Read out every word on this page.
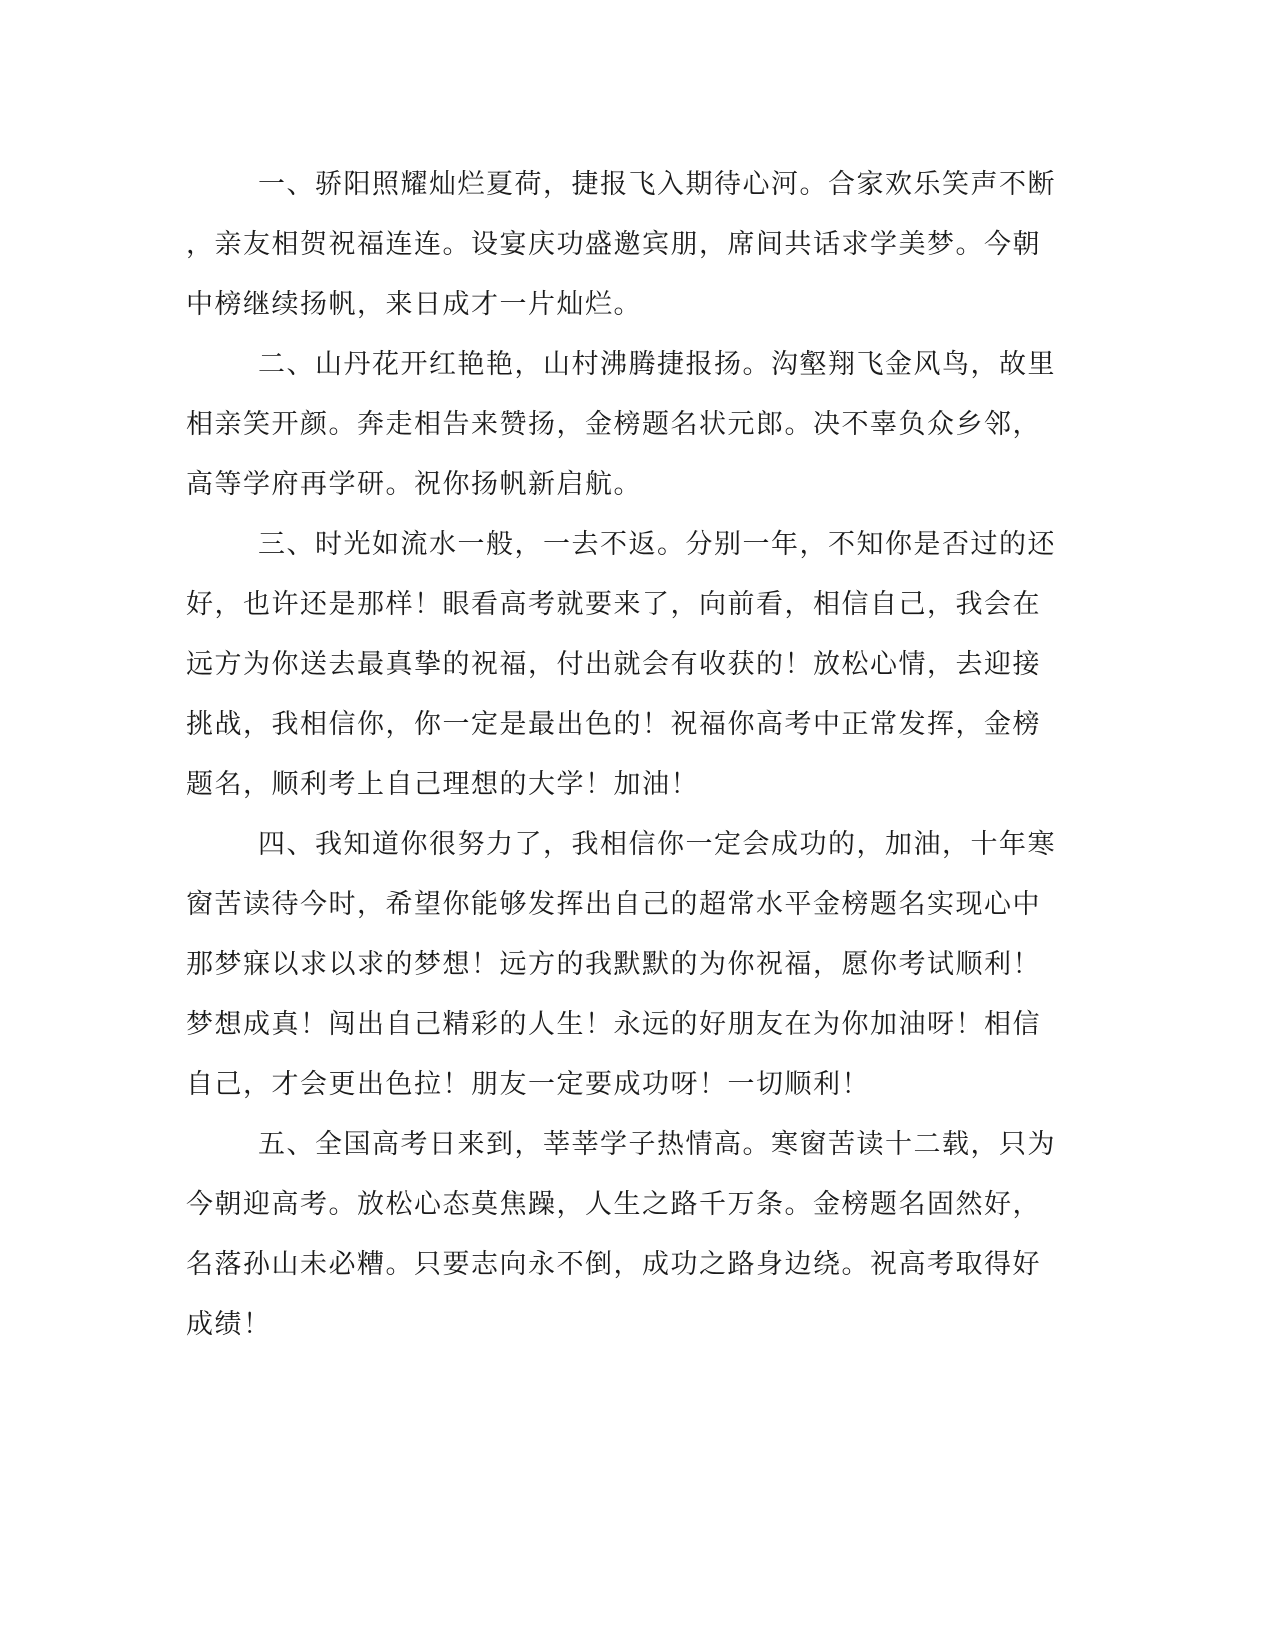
一、骄阳照耀灿烂夏荷，捷报飞入期待心河。合家欢乐笑声不断
，亲友相贺祝福连连。设宴庆功盛邀宾朋，席间共话求学美梦。今朝
中榜继续扬帆，来日成才一片灿烂。

二、山丹花开红艳艳，山村沸腾捷报扬。沟壑翔飞金风鸟，故里
相亲笑开颜。奔走相告来赞扬，金榜题名状元郎。决不辜负众乡邻，
高等学府再学研。祝你扬帆新启航。

三、时光如流水一般，一去不返。分别一年，不知你是否过的还
好，也许还是那样！眼看高考就要来了，向前看，相信自己，我会在
远方为你送去最真挚的祝福，付出就会有收获的！放松心情，去迎接
挑战，我相信你，你一定是最出色的！祝福你高考中正常发挥，金榜
题名，顺利考上自己理想的大学！加油！

四、我知道你很努力了，我相信你一定会成功的，加油，十年寒
窗苦读待今时，希望你能够发挥出自己的超常水平金榜题名实现心中
那梦寐以求以求的梦想！远方的我默默的为你祝福，愿你考试顺利！
梦想成真！闯出自己精彩的人生！永远的好朋友在为你加油呀！相信
自己，才会更出色拉！朋友一定要成功呀！一切顺利！

五、全国高考日来到，莘莘学子热情高。寒窗苦读十二载，只为
今朝迎高考。放松心态莫焦躁，人生之路千万条。金榜题名固然好，
名落孙山未必糟。只要志向永不倒，成功之路身边绕。祝高考取得好
成绩！
